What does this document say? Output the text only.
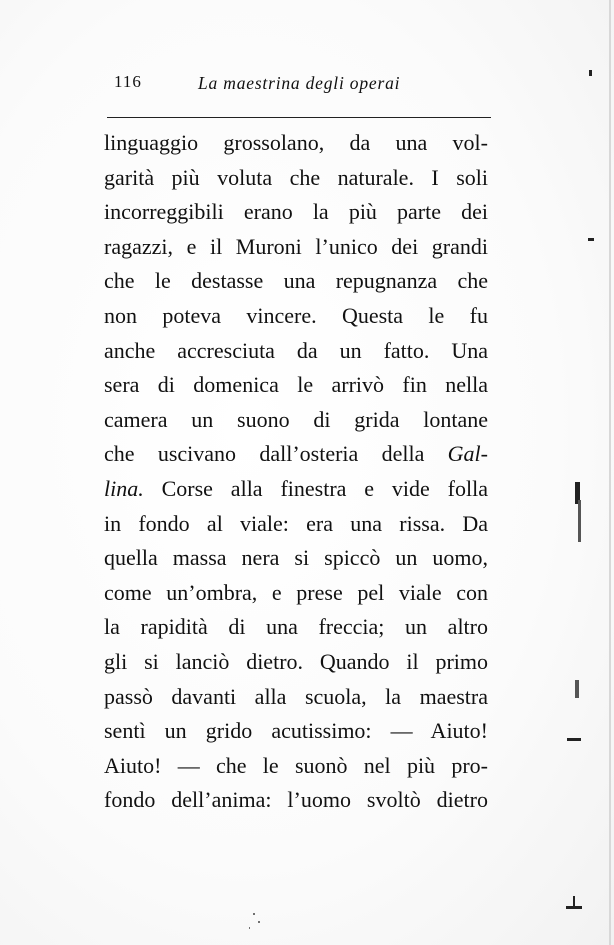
116	La maestrina degli operai
linguaggio grossolano, da una vol-
garità più voluta che naturale. I soli
incorreggibili erano la più parte dei
ragazzi, e il Muroni l’unico dei grandi
che le destasse una repugnanza che
non poteva vincere. Questa le fu
anche accresciuta da un fatto. Una
sera di domenica le arrivò fin nella
camera un suono di grida lontane
che uscivano dall’osteria della Gal-
lina. Corse alla finestra e vide folla
in fondo al viale: era una rissa. Da
quella massa nera si spiccò un uomo,
come un’ombra, e prese pel viale con
la rapidità di una freccia; un altro
gli si lanciò dietro. Quando il primo
passò davanti alla scuola, la maestra
sentì un grido acutissimo: — Aiuto!
Aiuto! — che le suonò nel più pro-
fondo dell’anima: l’uomo svoltò dietro
